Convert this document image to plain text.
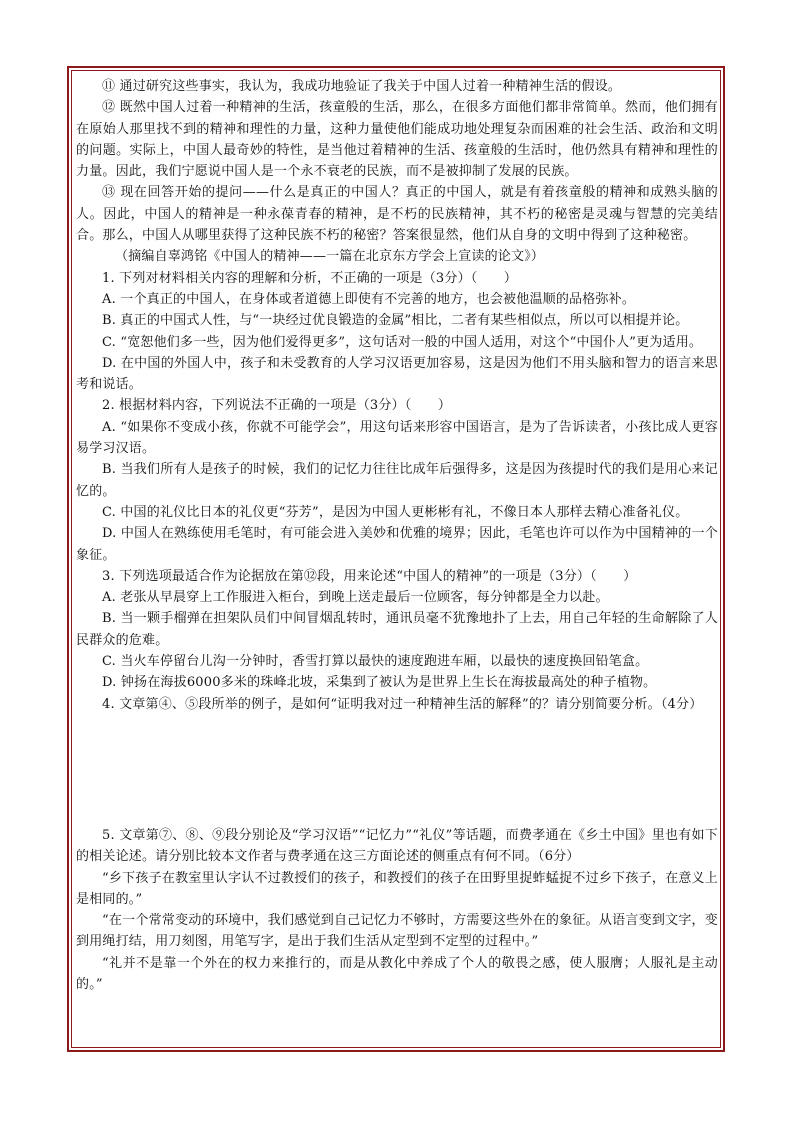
⑪ 通过研究这些事实，我认为，我成功地验证了我关于中国人过着一种精神生活的假设。

⑫ 既然中国人过着一种精神的生活，孩童般的生活，那么，在很多方面他们都非常简单。然而，他们拥有在原始人那里找不到的精神和理性的力量，这种力量使他们能成功地处理复杂而困难的社会生活、政治和文明的问题。实际上，中国人最奇妙的特性，是当他过着精神的生活、孩童般的生活时，他仍然具有精神和理性的力量。因此，我们宁愿说中国人是一个永不衰老的民族，而不是被抑制了发展的民族。

⑬ 现在回答开始的提问——什么是真正的中国人？真正的中国人，就是有着孩童般的精神和成熟头脑的人。因此，中国人的精神是一种永葆青春的精神，是不朽的民族精神，其不朽的秘密是灵魂与智慧的完美结合。那么，中国人从哪里获得了这种民族不朽的秘密？答案很显然，他们从自身的文明中得到了这种秘密。

（摘编自辜鸿铭《中国人的精神——一篇在北京东方学会上宣读的论文》）

1. 下列对材料相关内容的理解和分析，不正确的一项是（3分）（　　）

A. 一个真正的中国人，在身体或者道德上即使有不完善的地方，也会被他温顺的品格弥补。

B. 真正的中国式人性，与“一块经过优良锻造的金属”相比，二者有某些相似点，所以可以相提并论。

C. “宽恕他们多一些，因为他们爱得更多”，这句话对一般的中国人适用，对这个“中国仆人”更为适用。

D. 在中国的外国人中，孩子和未受教育的人学习汉语更加容易，这是因为他们不用头脑和智力的语言来思考和说话。

2. 根据材料内容，下列说法不正确的一项是（3分）（　　）

A. “如果你不变成小孩，你就不可能学会”，用这句话来形容中国语言，是为了告诉读者，小孩比成人更容易学习汉语。

B. 当我们所有人是孩子的时候，我们的记忆力往往比成年后强得多，这是因为孩提时代的我们是用心来记忆的。

C. 中国的礼仪比日本的礼仪更“芬芳”，是因为中国人更彬彬有礼，不像日本人那样去精心准备礼仪。

D. 中国人在熟练使用毛笔时，有可能会进入美妙和优雅的境界；因此，毛笔也许可以作为中国精神的一个象征。

3. 下列选项最适合作为论据放在第⑫段，用来论述“中国人的精神”的一项是（3分）（　　）

A. 老张从早晨穿上工作服进入柜台，到晚上送走最后一位顾客，每分钟都是全力以赴。

B. 当一颗手榴弹在担架队员们中间冒烟乱转时，通讯员毫不犹豫地扑了上去，用自己年轻的生命解除了人民群众的危难。

C. 当火车停留台儿沟一分钟时，香雪打算以最快的速度跑进车厢，以最快的速度换回铅笔盒。

D. 钟扬在海拔6000多米的珠峰北坡，采集到了被认为是世界上生长在海拔最高处的种子植物。

4. 文章第④、⑤段所举的例子，是如何“证明我对过一种精神生活的解释”的？请分别简要分析。（4分）

5. 文章第⑦、⑧、⑨段分别论及“学习汉语”“记忆力”“礼仪”等话题，而费孝通在《乡土中国》里也有如下的相关论述。请分别比较本文作者与费孝通在这三方面论述的侧重点有何不同。（6分）

“乡下孩子在教室里认字认不过教授们的孩子，和教授们的孩子在田野里捉蚱蜢捉不过乡下孩子，在意义上是相同的。”

“在一个常常变动的环境中，我们感觉到自己记忆力不够时，方需要这些外在的象征。从语言变到文字，变到用绳打结，用刀刻图，用笔写字，是出于我们生活从定型到不定型的过程中。”

“礼并不是靠一个外在的权力来推行的，而是从教化中养成了个人的敬畏之感，使人服膺；人服礼是主动的。”
